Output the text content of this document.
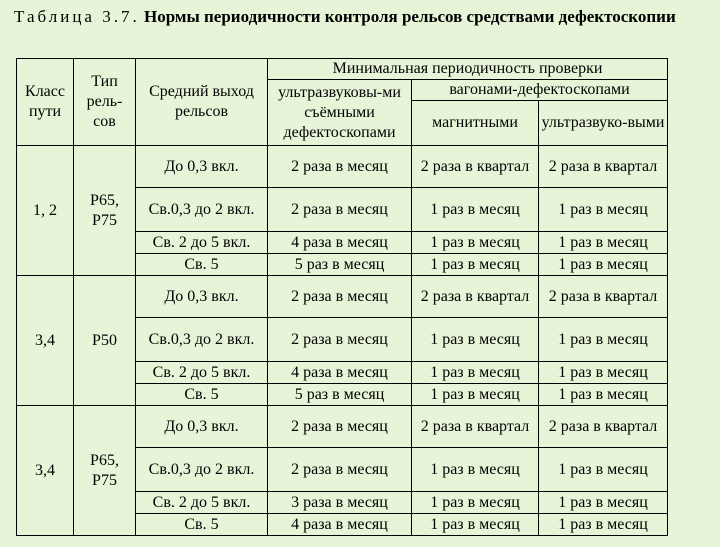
Таблица 3.7. Нормы периодичности контроля рельсов средствами дефектоскопии

Класс пути	Тип рель-сов	Средний выход рельсов	Минимальная периодичность проверки		
			ультразвуковы-ми съёмными дефектоскопами	вагонами-дефектоскопами	
				магнитными	ультразвуко-выми
1, 2	Р65, Р75	До 0,3 вкл.	2 раза в месяц	2 раза в квартал	2 раза в квартал
		Св.0,3 до 2 вкл.	2 раза в месяц	1 раз в месяц	1 раз в месяц
		Св. 2 до 5 вкл.	4 раза в месяц	1 раз в месяц	1 раз в месяц
		Св. 5	5 раз в месяц	1 раз в месяц	1 раз в месяц
3,4	Р50	До 0,3 вкл.	2 раза в месяц	2 раза в квартал	2 раза в квартал
		Св.0,3 до 2 вкл.	2 раза в месяц	1 раз в месяц	1 раз в месяц
		Св. 2 до 5 вкл.	4 раза в месяц	1 раз в месяц	1 раз в месяц
		Св. 5	5 раз в месяц	1 раз в месяц	1 раз в месяц
3,4	Р65, Р75	До 0,3 вкл.	2 раза в месяц	2 раза в квартал	2 раза в квартал
		Св.0,3 до 2 вкл.	2 раза в месяц	1 раз в месяц	1 раз в месяц
		Св. 2 до 5 вкл.	3 раза в месяц	1 раз в месяц	1 раз в месяц
		Св. 5	4 раза в месяц	1 раз в месяц	1 раз в месяц
